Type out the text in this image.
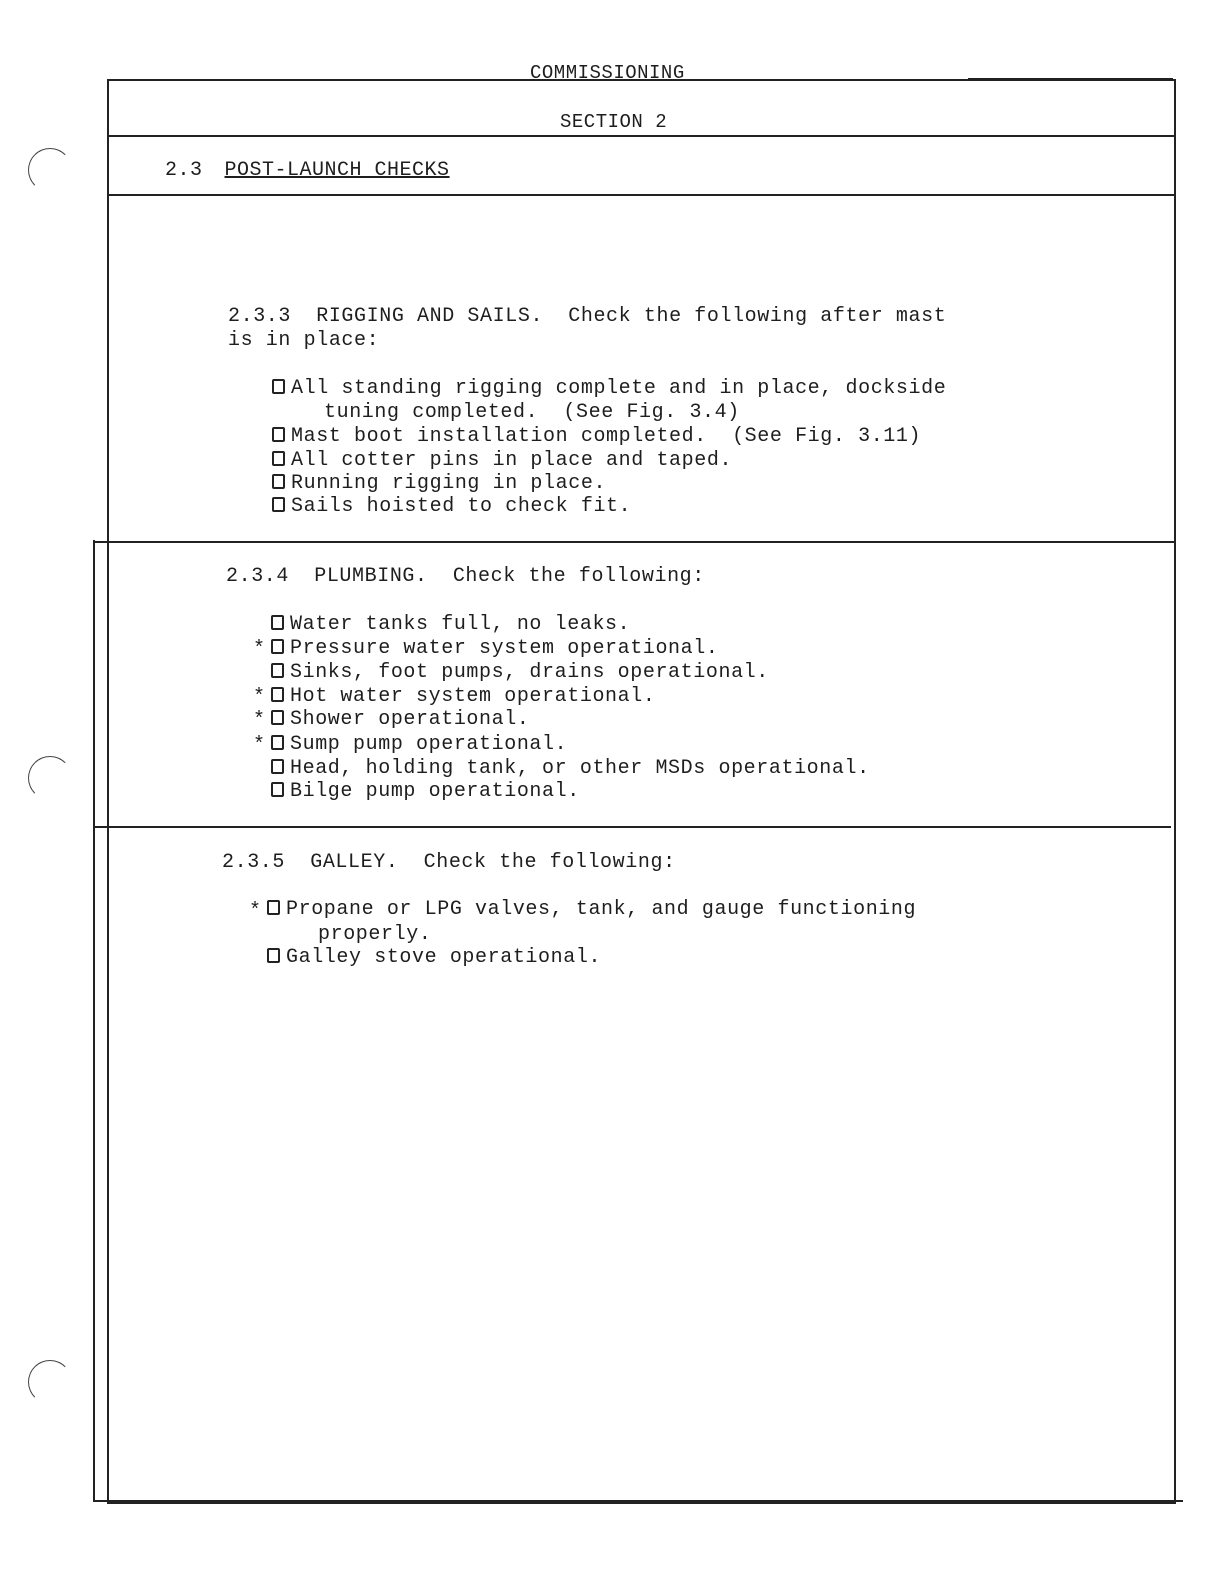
COMMISSIONING
SECTION 2
2.3 POST-LAUNCH CHECKS
2.3.3  RIGGING AND SAILS.  Check the following after mast
is in place:
All standing rigging complete and in place, dockside
tuning completed.  (See Fig. 3.4)
Mast boot installation completed.  (See Fig. 3.11)
All cotter pins in place and taped.
Running rigging in place.
Sails hoisted to check fit.
2.3.4  PLUMBING.  Check the following:
Water tanks full, no leaks.
*	Pressure water system operational.
Sinks, foot pumps, drains operational.
*	Hot water system operational.
*	Shower operational.
*	Sump pump operational.
Head, holding tank, or other MSDs operational.
Bilge pump operational.
2.3.5  GALLEY.  Check the following:
*	Propane or LPG valves, tank, and gauge functioning
properly.
Galley stove operational.
